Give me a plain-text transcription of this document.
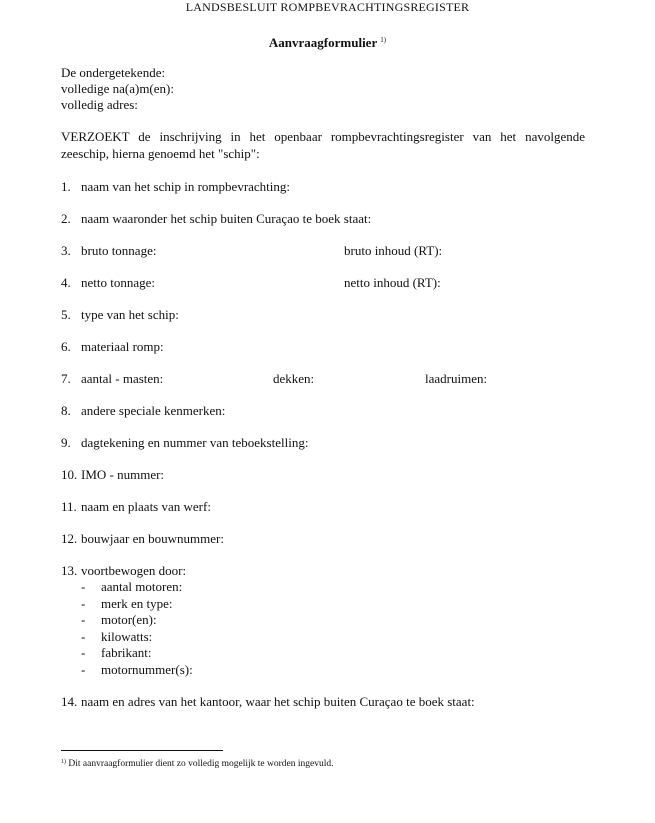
LANDSBESLUIT ROMPBEVRACHTINGSREGISTER
Aanvraagformulier $^{1)}$
De ondergetekende:
volledige na(a)m(en):
volledig adres:
VERZOEKT de inschrijving in het openbaar rompbevrachtingsregister van het navolgende
zeeschip, hierna genoemd het "schip":
1. naam van het schip in rompbevrachting:
2. naam waaronder het schip buiten Curaçao te boek staat:
3. bruto tonnage:	bruto inhoud (RT):
4. netto tonnage:	netto inhoud (RT):
5. type van het schip:
6. materiaal romp:
7. aantal - masten:	dekken:	laadruimen:
8. andere speciale kenmerken:
9. dagtekening en nummer van teboekstelling:
10. IMO - nummer:
11. naam en plaats van werf:
12. bouwjaar en bouwnummer:
13. voortbewogen door:
- aantal motoren:
- merk en type:
- motor(en):
- kilowatts:
- fabrikant:
- motornummer(s):
14. naam en adres van het kantoor, waar het schip buiten Curaçao te boek staat:
$^{1)}$ Dit aanvraagformulier dient zo volledig mogelijk te worden ingevuld.
